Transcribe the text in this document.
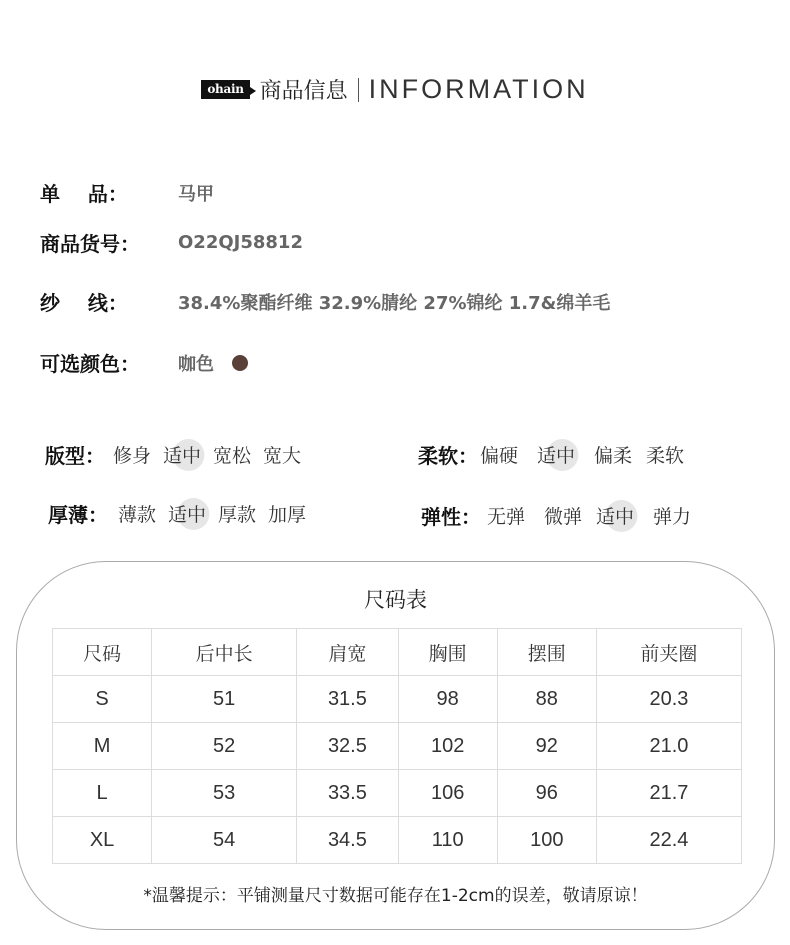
ohain 商品信息 INFORMATION
单    品：	马甲
商品货号：	O22QJ58812
纱    线：	38.4%聚酯纤维 32.9%腈纶 27%锦纶 1.7&绵羊毛
可选颜色：	咖色
版型： 修身 适中 宽松 宽大	柔软： 偏硬 适中 偏柔 柔软
厚薄： 薄款 适中 厚款 加厚	弹性： 无弹 微弹 适中 弹力
尺码表
尺码	后中长	肩宽	胸围	摆围	前夹圈
S	51	31.5	98	88	20.3
M	52	32.5	102	92	21.0
L	53	33.5	106	96	21.7
XL	54	34.5	110	100	22.4
*温馨提示：平铺测量尺寸数据可能存在1-2cm的误差，敬请原谅！
